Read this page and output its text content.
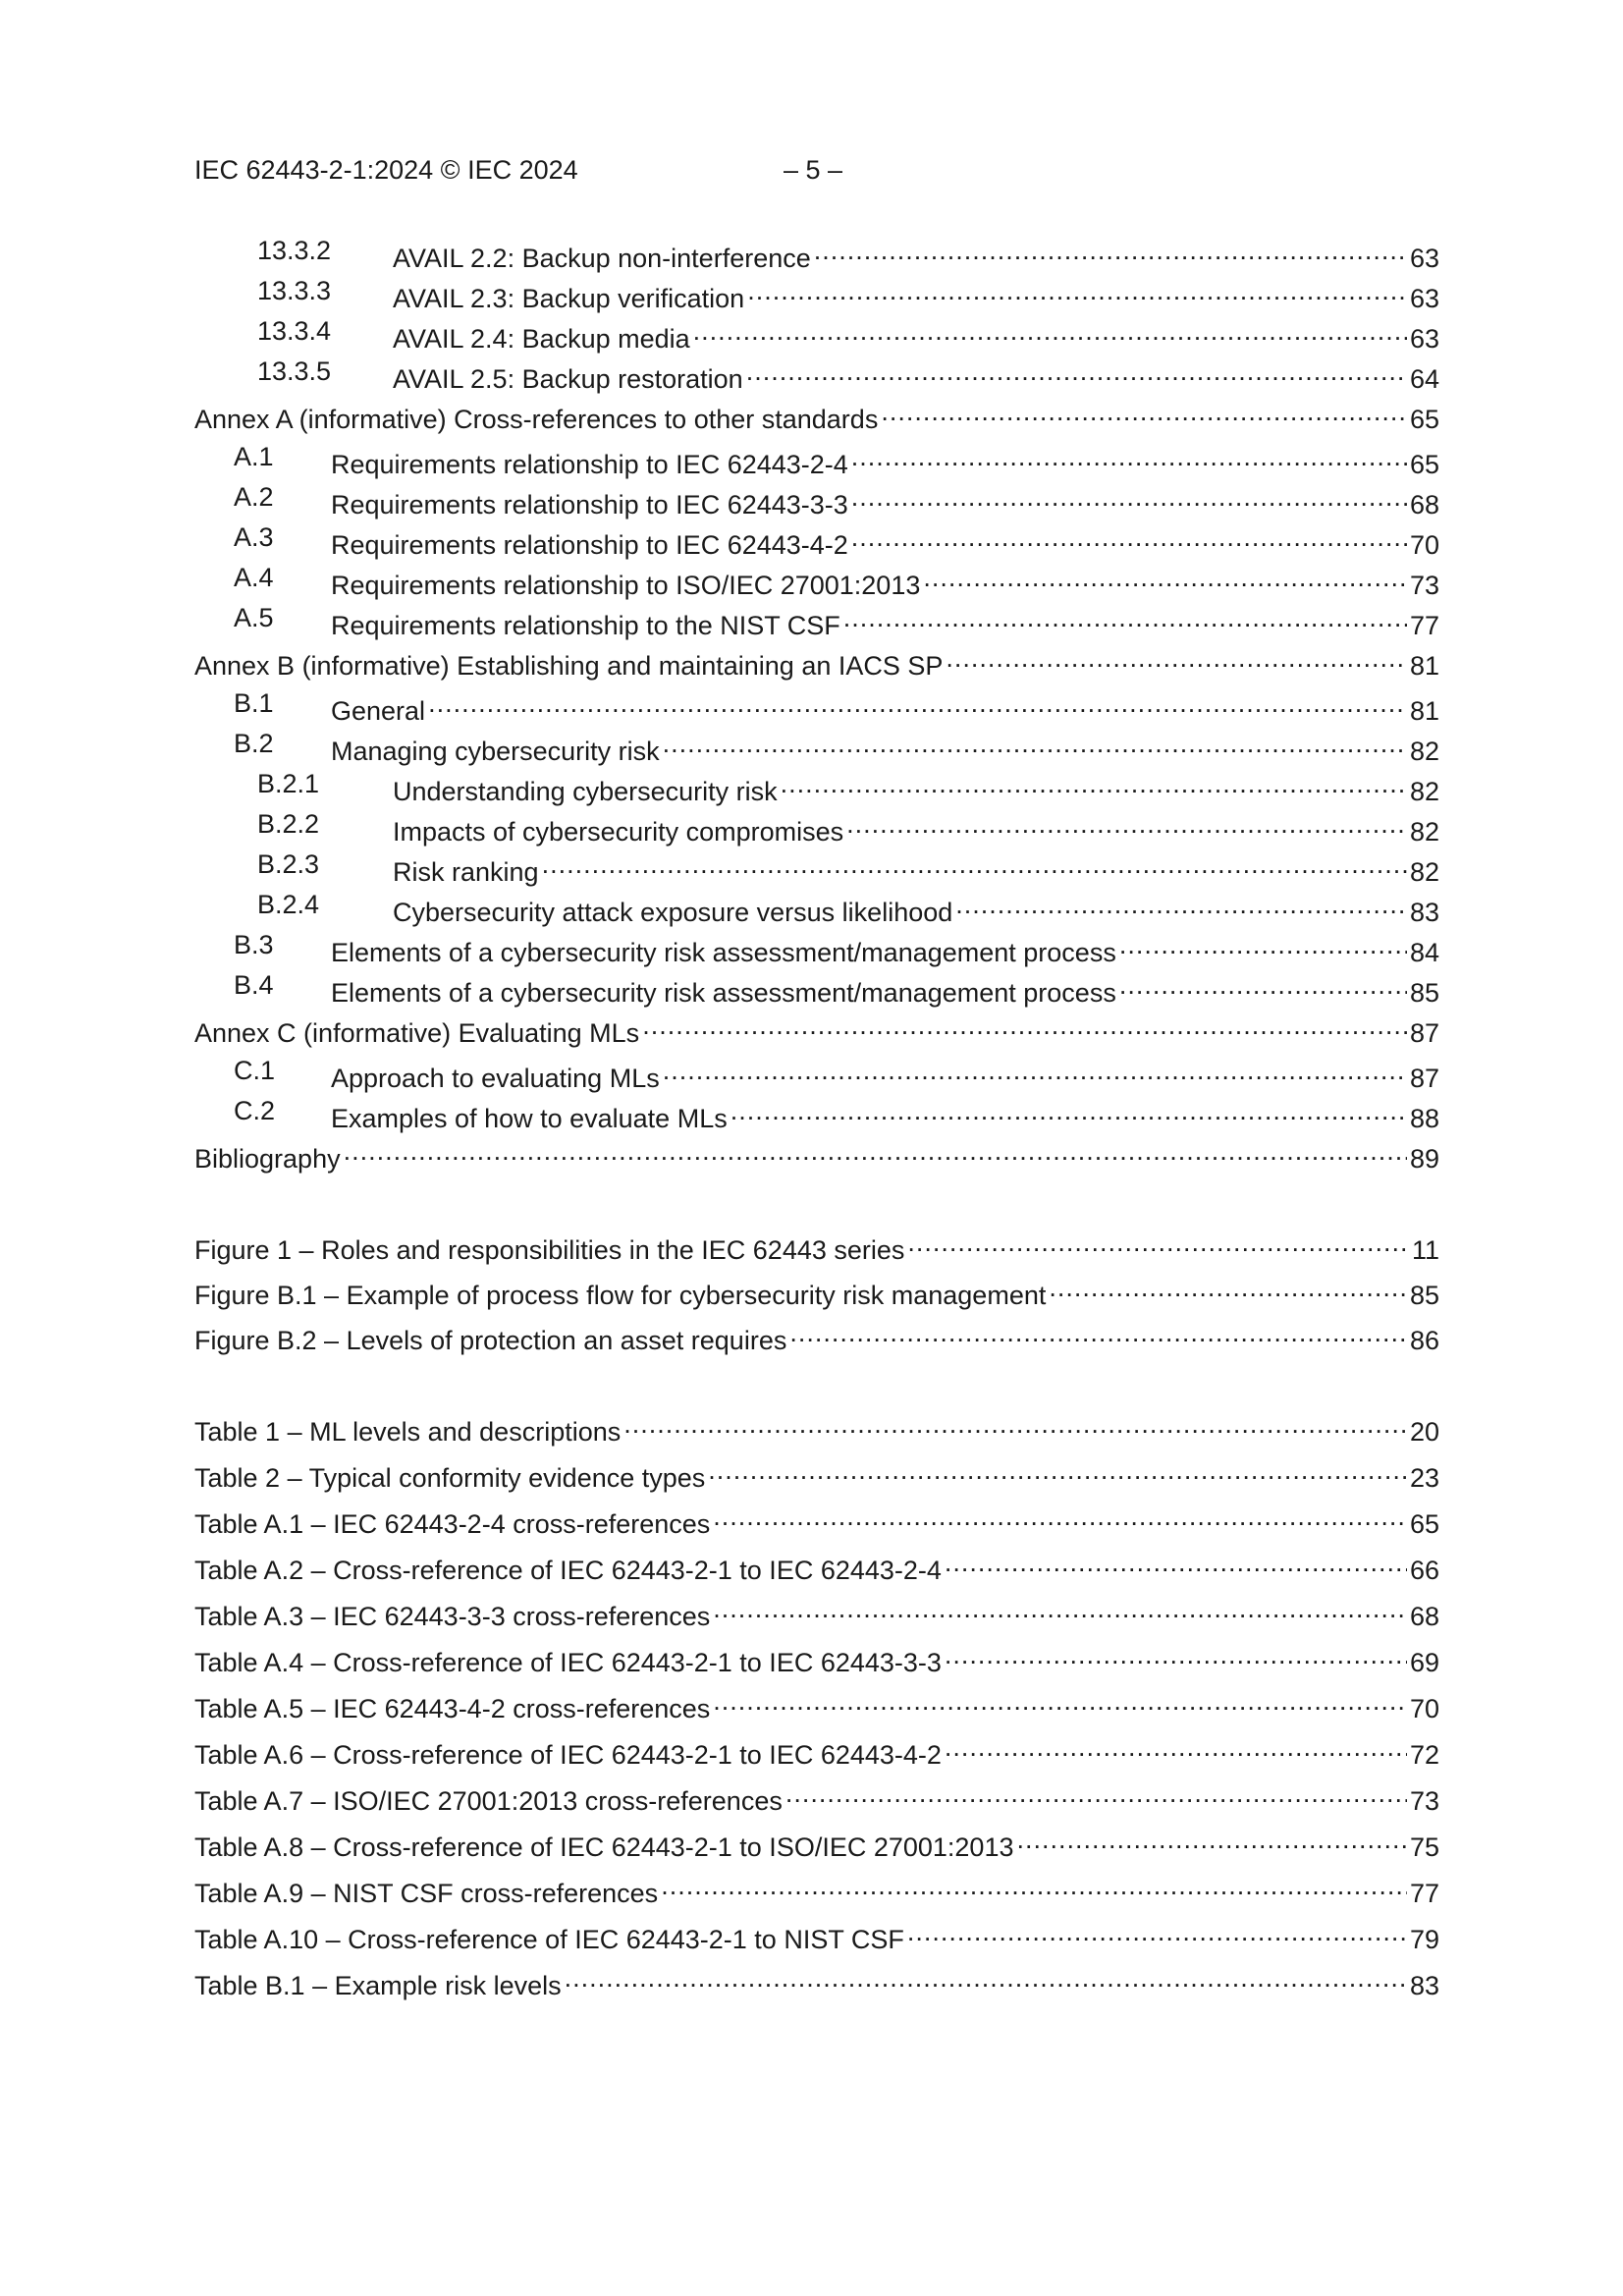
IEC 62443-2-1:2024 © IEC 2024	– 5 –
13.3.2 AVAIL 2.2: Backup non-interference .....	63
13.3.3 AVAIL 2.3: Backup verification .....	63
13.3.4 AVAIL 2.4: Backup media .....	63
13.3.5 AVAIL 2.5: Backup restoration .....	64
Annex A (informative) Cross-references to other standards .....	65
A.1 Requirements relationship to IEC 62443-2-4 .....	65
A.2 Requirements relationship to IEC 62443-3-3 .....	68
A.3 Requirements relationship to IEC 62443-4-2 .....	70
A.4 Requirements relationship to ISO/IEC 27001:2013 .....	73
A.5 Requirements relationship to the NIST CSF .....	77
Annex B (informative) Establishing and maintaining an IACS SP .....	81
B.1 General .....	81
B.2 Managing cybersecurity risk .....	82
B.2.1	Understanding cybersecurity risk .....	82
B.2.2	Impacts of cybersecurity compromises .....	82
B.2.3	Risk ranking .....	82
B.2.4	Cybersecurity attack exposure versus likelihood .....	83
B.3 Elements of a cybersecurity risk assessment/management process .....	84
B.4 Elements of a cybersecurity risk assessment/management process .....	85
Annex C (informative) Evaluating MLs .....	87
C.1 Approach to evaluating MLs .....	87
C.2 Examples of how to evaluate MLs .....	88
Bibliography .....	89
Figure 1 – Roles and responsibilities in the IEC 62443 series .....	11
Figure B.1 – Example of process flow for cybersecurity risk management .....	85
Figure B.2 – Levels of protection an asset requires .....	86
Table 1 – ML levels and descriptions .....	20
Table 2 – Typical conformity evidence types .....	23
Table A.1 – IEC 62443-2-4 cross-references .....	65
Table A.2 – Cross-reference of IEC 62443-2-1 to IEC 62443-2-4 .....	66
Table A.3 – IEC 62443-3-3 cross-references .....	68
Table A.4 – Cross-reference of IEC 62443-2-1 to IEC 62443-3-3 .....	69
Table A.5 – IEC 62443-4-2 cross-references .....	70
Table A.6 – Cross-reference of IEC 62443-2-1 to IEC 62443-4-2 .....	72
Table A.7 – ISO/IEC 27001:2013 cross-references .....	73
Table A.8 – Cross-reference of IEC 62443-2-1 to ISO/IEC 27001:2013 .....	75
Table A.9 – NIST CSF cross-references .....	77
Table A.10 – Cross-reference of IEC 62443-2-1 to NIST CSF .....	79
Table B.1 – Example risk levels .....	83
